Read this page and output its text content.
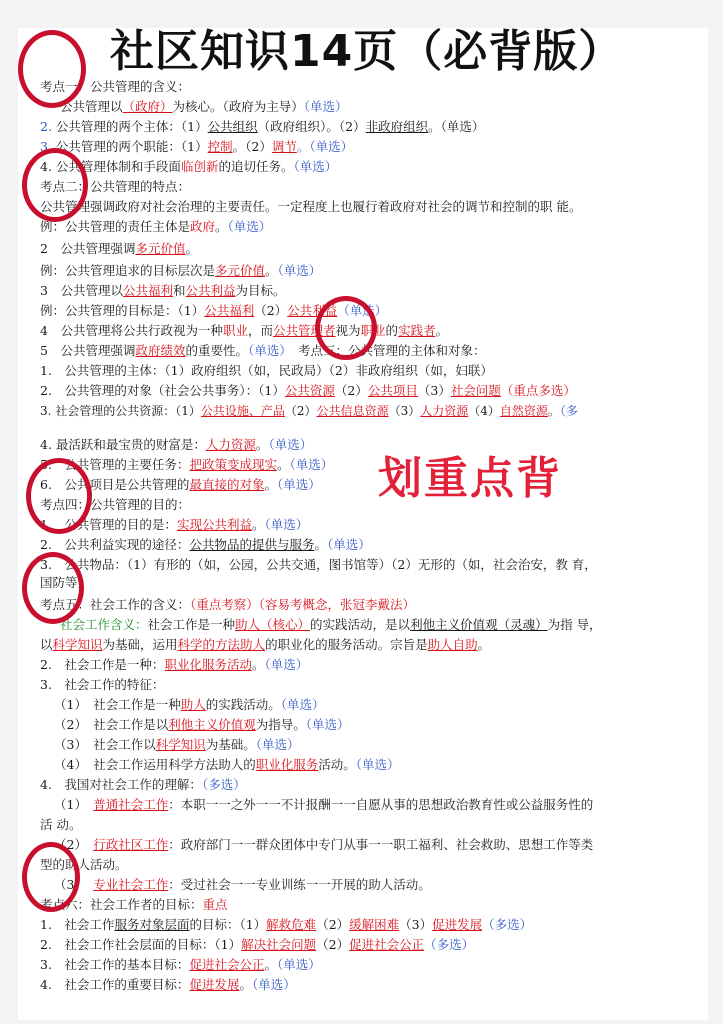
社区知识14页（必背版）
考点一：公共管理的含义：
公共管理以（政府）为核心。（政府为主导）（单选）
2. 公共管理的两个主体：（1）公共组织（政府组织）。（2）非政府组织。（单选）
3. 公共管理的两个职能：（1）控制。（2）调节。（单选）
4. 公共管理体制和手段面临创新的追切任务。（单选）
考点二：公共管理的特点：
公共管理强调政府对社会治理的主要责任。一定程度上也履行着政府对社会的调节和控制的职 能。
例：公共管理的责任主体是政府。（单选）
2　公共管理强调多元价值。
例：公共管理追求的目标层次是多元价值。（单选）
3　公共管理以公共福利和公共利益为目标。
例：公共管理的目标是：（1）公共福利（2）公共利益（单选）
4　公共管理将公共行政视为一种职业，而公共管理者视为职业的实践者。
5　公共管理强调政府绩效的重要性。（单选）　 考点三：公共管理的主体和对象：
1.　公共管理的主体：（1）政府组织（如，民政局）（2）非政府组织（如，妇联）
2.　公共管理的对象（社会公共事务）：（1）公共资源（2）公共项目（3）社会问题（重点多选）
3. 社会管理的公共资源：（1）公共设施、产品（2）公共信息资源（3）人力资源（4）自然资源。（多
4. 最活跃和最宝贵的财富是：人力资源。（单选）
5.　公共管理的主要任务：把政策变成现实。（单选）
6.　公共项目是公共管理的最直接的对象。（单选）
考点四：公共管理的目的：
1.　公共管理的目的是：实现公共利益。（单选）
2.　公共利益实现的途径：公共物品的提供与服务。（单选）
3.　公共物品：（1）有形的（如，公园，公共交通，图书馆等）（2）无形的（如，社会治安，教 育，
国防等）
考点五：社会工作的含义：（重点考察）（容易考概念，张冠李戴法）
社会工作含义：社会工作是一种助人（核心）的实践活动，是以利他主义价值观（灵魂）为指 导，
以科学知识为基础，运用科学的方法助人的职业化的服务活动。宗旨是助人自助。
2.　社会工作是一种：职业化服务活动。（单选）
3.　社会工作的特征：
（1）　社会工作是一种助人的实践活动。（单选）
（2）　社会工作是以利他主义价值观为指导。（单选）
（3）　社会工作以科学知识为基础。（单选）
（4）　社会工作运用科学方法助人的职业化服务活动。（单选）
4.　我国对社会工作的理解：（多选）
（1）　普通社会工作：本职一一之外一一不计报酬一一自愿从事的思想政治教育性或公益服务性的
活 动。
（2）　行政社区工作：政府部门一一群众团体中专门从事一一职工福利、社会救助、思想工作等类
型的助人活动。
（3）　专业社会工作：受过社会一一专业训练一一开展的助人活动。
考点六：社会工作者的目标：重点
1.　社会工作服务对象层面的目标：（1）解救危难（2）缓解困难（3）促进发展（多选）
2.　社会工作社会层面的目标：（1）解决社会问题（2）促进社会公正（多选）
3.　社会工作的基本目标：促进社会公正。（单选）
4.　社会工作的重要目标：促进发展。（单选）
划重点背
